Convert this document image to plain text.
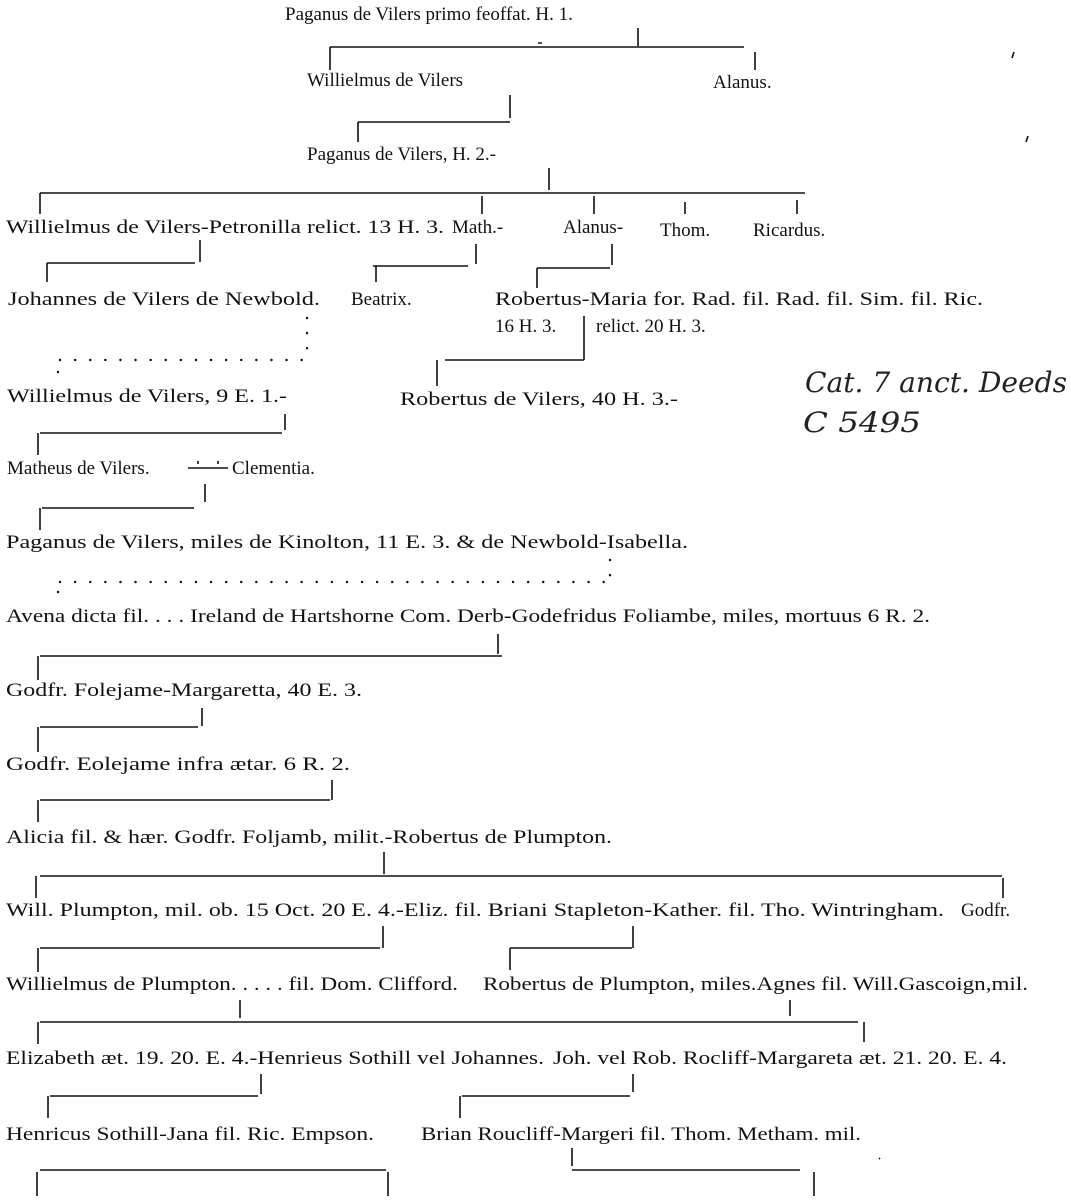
Paganus de Vilers primo feoffat. H. 1.
Willielmus de Vilers	Alanus.
Paganus de Vilers, H. 2.-
Willielmus de Vilers-Petronilla relict. 13 H. 3. Math.-	Alanus- Thom. Ricardus.
Johannes de Vilers de Newbold. Beatrix.	Robertus-Maria for. Rad. fil. Rad. fil. Sim. fil. Ric.
16 H. 3. relict. 20 H. 3.
Willielmus de Vilers, 9 E. 1.-	Robertus de Vilers, 40 H. 3.-
Matheus de Vilers.	Clementia.
Paganus de Vilers, miles de Kinolton, 11 E. 3. & de Newbold-Isabella.
Avena dicta fil. . . . Ireland de Hartshorne Com. Derb-Godefridus Foliambe, miles, mortuus 6 R. 2.
Godfr. Folejame-Margaretta, 40 E. 3.
Godfr. Eolejame infra ætar. 6 R. 2.
Alicia fil. & hær. Godfr. Foljamb, milit.-Robertus de Plumpton.
Will. Plumpton, mil. ob. 15 Oct. 20 E. 4.-Eliz. fil. Briani Stapleton-Kather. fil. Tho. Wintringham. Godfr.
Willielmus de Plumpton. . . . . fil. Dom. Clifford. Robertus de Plumpton, miles.Agnes fil. Will.Gascoign,mil.
Elizabeth æt. 19. 20. E. 4.-Henrieus Sothill vel Johannes. Joh. vel Rob. Rocliff-Margareta æt. 21. 20. E. 4.
Henricus Sothill-Jana fil. Ric. Empson. Brian Roucliff-Margeri fil. Thom. Metham. mil.
Cat. 7 anct. Deeds
C 5495
